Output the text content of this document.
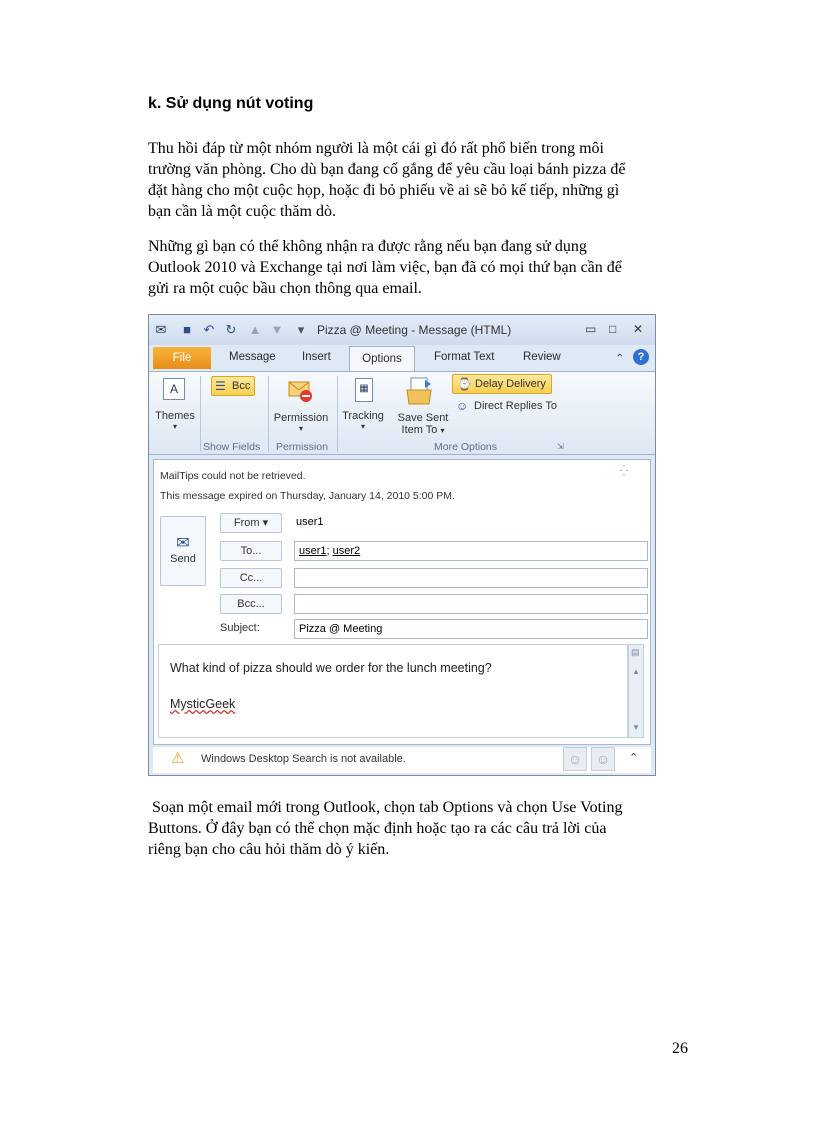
k. Sử dụng nút voting
Thu hồi đáp từ một nhóm người là một cái gì đó rất phổ biến trong môi
trường văn phòng. Cho dù bạn đang cố gắng để yêu cầu loại bánh pizza để
đặt hàng cho một cuộc họp, hoặc đi bỏ phiếu về ai sẽ bỏ kế tiếp, những gì
bạn cần là một cuộc thăm dò.
Những gì bạn có thể không nhận ra được rằng nếu bạn đang sử dụng
Outlook 2010 và Exchange tại nơi làm việc, bạn đã có mọi thứ bạn cần để
gửi ra một cuộc bầu chọn thông qua email.
✉	■ ↶ ↻ ▲ ▼	▾	Pizza @ Meeting - Message (HTML)	▭ □ ✕
File	Message Insert	Options	Format Text Review	⌃	?
A
Themes
▾
☰ Bcc
Show Fields
Permission
▾
Permission
▦
Tracking
▾
Save Sent
Item To ▾
⌚ Delay Delivery
☺ Direct Replies To
More Options	⇲
MailTips could not be retrieved.
This message expired on Thursday, January 14, 2010 5:00 PM.
⁛
✉
Send
From ▾	user1
To...	user1; user2
Cc...
Bcc...
Subject:	Pizza @ Meeting
What kind of pizza should we order for the lunch meeting?
MysticGeek
▤
▲
▼
⚠ Windows Desktop Search is not available.	☺ ☺	⌃
Soạn một email mới trong Outlook, chọn tab Options và chọn Use Voting
Buttons. Ở đây bạn có thể chọn mặc định hoặc tạo ra các câu trả lời của
riêng bạn cho câu hỏi thăm dò ý kiến.
26
